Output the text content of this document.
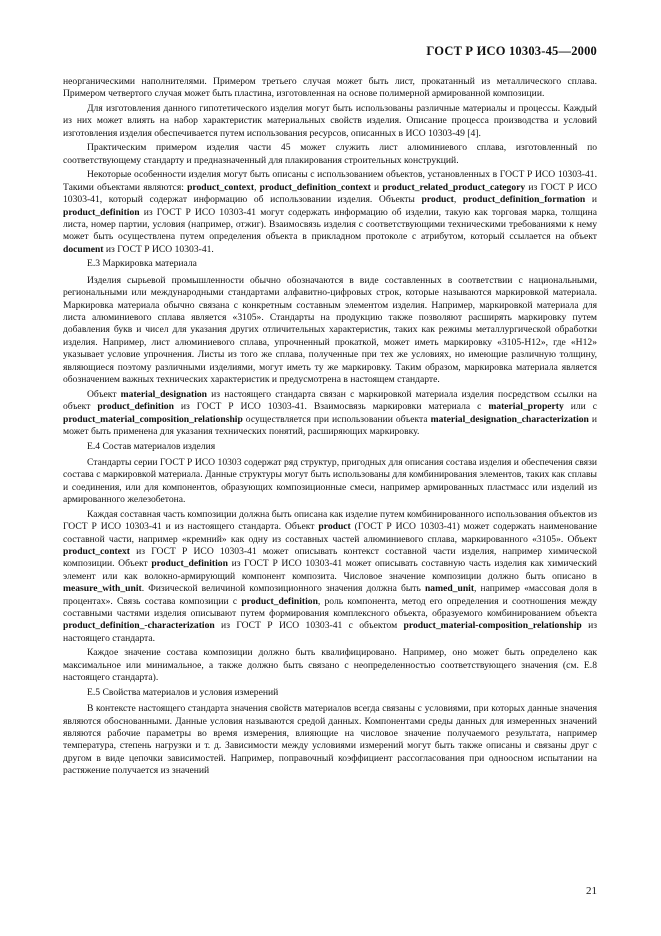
ГОСТ Р ИСО 10303-45—2000

неорганическими наполнителями. Примером третьего случая может быть лист, прокатанный из металлического сплава. Примером четвертого случая может быть пластина, изготовленная на основе полимерной армированной композиции.

Для изготовления данного гипотетического изделия могут быть использованы различные материалы и процессы. Каждый из них может влиять на набор характеристик материальных свойств изделия. Описание процесса производства и условий изготовления изделия обеспечивается путем использования ресурсов, описанных в ИСО 10303-49 [4].

Практическим примером изделия части 45 может служить лист алюминиевого сплава, изготовленный по соответствующему стандарту и предназначенный для плакирования строительных конструкций.

Некоторые особенности изделия могут быть описаны с использованием объектов, установленных в ГОСТ Р ИСО 10303-41. Такими объектами являются: product_context, product_definition_context и product_related_product_category из ГОСТ Р ИСО 10303-41, который содержат информацию об использовании изделия. Объекты product, product_definition_formation и product_definition из ГОСТ Р ИСО 10303-41 могут содержать информацию об изделии, такую как торговая марка, толщина листа, номер партии, условия (например, отжиг). Взаимосвязь изделия с соответствующими техническими требованиями к нему может быть осуществлена путем определения объекта в прикладном протоколе с атрибутом, который ссылается на объект document из ГОСТ Р ИСО 10303-41.

Е.3 Маркировка материала

Изделия сырьевой промышленности обычно обозначаются в виде составленных в соответствии с национальными, региональными или международными стандартами алфавитно-цифровых строк, которые называются маркировкой материала. Маркировка материала обычно связана с конкретным составным элементом изделия. Например, маркировкой материала для листа алюминиевого сплава является «3105». Стандарты на продукцию также позволяют расширять маркировку путем добавления букв и чисел для указания других отличительных характеристик, таких как режимы металлургической обработки изделия. Например, лист алюминиевого сплава, упрочненный прокаткой, может иметь маркировку «3105-H12», где «H12» указывает условие упрочнения. Листы из того же сплава, полученные при тех же условиях, но имеющие различную толщину, являющиеся поэтому различными изделиями, могут иметь ту же маркировку. Таким образом, маркировка материала является обозначением важных технических характеристик и предусмотрена в настоящем стандарте.

Объект material_designation из настоящего стандарта связан с маркировкой материала изделия посредством ссылки на объект product_definition из ГОСТ Р ИСО 10303-41. Взаимосвязь маркировки материала с material_property или с product_material_composition_relationship осуществляется при использовании объекта material_designation_characterization и может быть применена для указания технических понятий, расширяющих маркировку.

Е.4 Состав материалов изделия

Стандарты серии ГОСТ Р ИСО 10303 содержат ряд структур, пригодных для описания состава изделия и обеспечения связи состава с маркировкой материала. Данные структуры могут быть использованы для комбинирования элементов, таких как сплавы и соединения, или для компонентов, образующих композиционные смеси, например армированных пластмасс или изделий из армированного железобетона.

Каждая составная часть композиции должна быть описана как изделие путем комбинированного использования объектов из ГОСТ Р ИСО 10303-41 и из настоящего стандарта. Объект product (ГОСТ Р ИСО 10303-41) может содержать наименование составной части, например «кремний» как одну из составных частей алюминиевого сплава, маркированного «3105». Объект product_context из ГОСТ Р ИСО 10303-41 может описывать контекст составной части изделия, например химической композиции. Объект product_definition из ГОСТ Р ИСО 10303-41 может описывать составную часть изделия как химический элемент или как волокно-армирующий компонент композита. Числовое значение композиции должно быть описано в measure_with_unit. Физической величиной композиционного значения должна быть named_unit, например «массовая доля в процентах». Связь состава композиции с product_definition, роль компонента, метод его определения и соотношения между составными частями изделия описывают путем формирования комплексного объекта, образуемого комбинированием объекта product_definition_-characterization из ГОСТ Р ИСО 10303-41 с объектом product_material-composition_relationship из настоящего стандарта.

Каждое значение состава композиции должно быть квалифицировано. Например, оно может быть определено как максимальное или минимальное, а также должно быть связано с неопределенностью соответствующего значения (см. Е.8 настоящего стандарта).

Е.5 Свойства материалов и условия измерений

В контексте настоящего стандарта значения свойств материалов всегда связаны с условиями, при которых данные значения являются обоснованными. Данные условия называются средой данных. Компонентами среды данных для измеренных значений являются рабочие параметры во время измерения, влияющие на числовое значение получаемого результата, например температура, степень нагрузки и т. д. Зависимости между условиями измерений могут быть также описаны и связаны друг с другом в виде цепочки зависимостей. Например, поправочный коэффициент рассогласования при одноосном испытании на растяжение получается из значений

21
